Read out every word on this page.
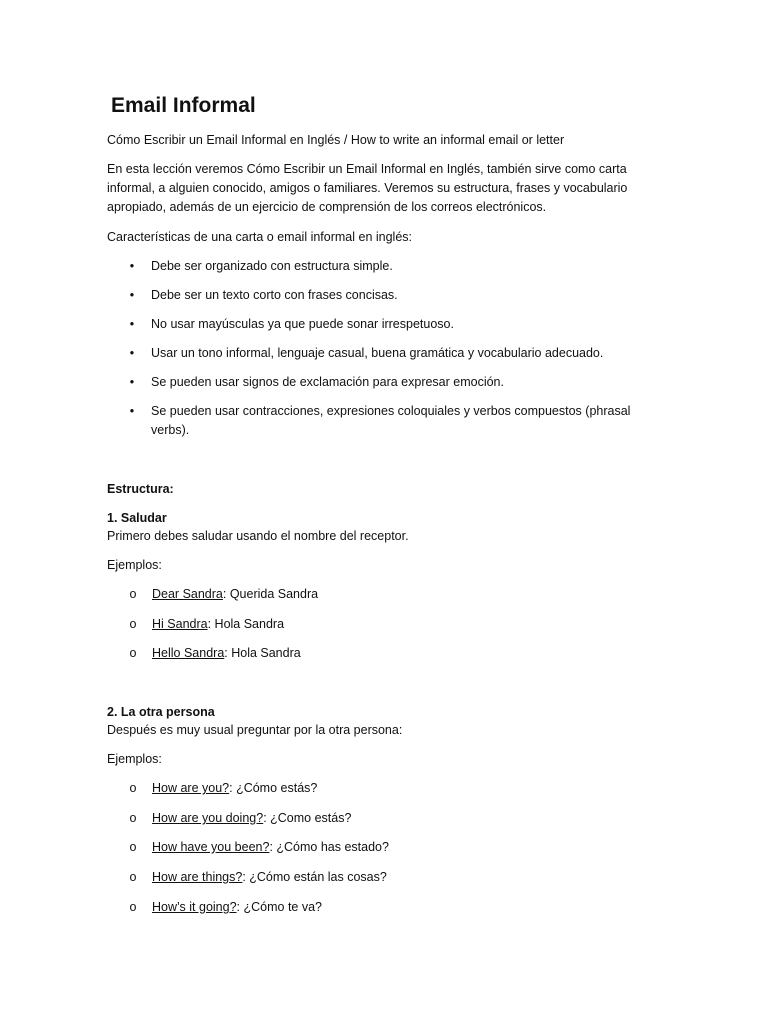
Email Informal

Cómo Escribir un Email Informal en Inglés / How to write an informal email or letter

En esta lección veremos Cómo Escribir un Email Informal en Inglés, también sirve como carta informal, a alguien conocido, amigos o familiares. Veremos su estructura, frases y vocabulario apropiado, además de un ejercicio de comprensión de los correos electrónicos.

Características de una carta o email informal en inglés:

• Debe ser organizado con estructura simple.
• Debe ser un texto corto con frases concisas.
• No usar mayúsculas ya que puede sonar irrespetuoso.
• Usar un tono informal, lenguaje casual, buena gramática y vocabulario adecuado.
• Se pueden usar signos de exclamación para expresar emoción.
• Se pueden usar contracciones, expresiones coloquiales y verbos compuestos (phrasal verbs).

Estructura:

1. Saludar

Primero debes saludar usando el nombre del receptor.

Ejemplos:

o Dear Sandra: Querida Sandra
o Hi Sandra: Hola Sandra
o Hello Sandra: Hola Sandra

2. La otra persona

Después es muy usual preguntar por la otra persona:

Ejemplos:

o How are you?: ¿Cómo estás?
o How are you doing?: ¿Como estás?
o How have you been?: ¿Cómo has estado?
o How are things?: ¿Cómo están las cosas?
o How’s it going?: ¿Cómo te va?
